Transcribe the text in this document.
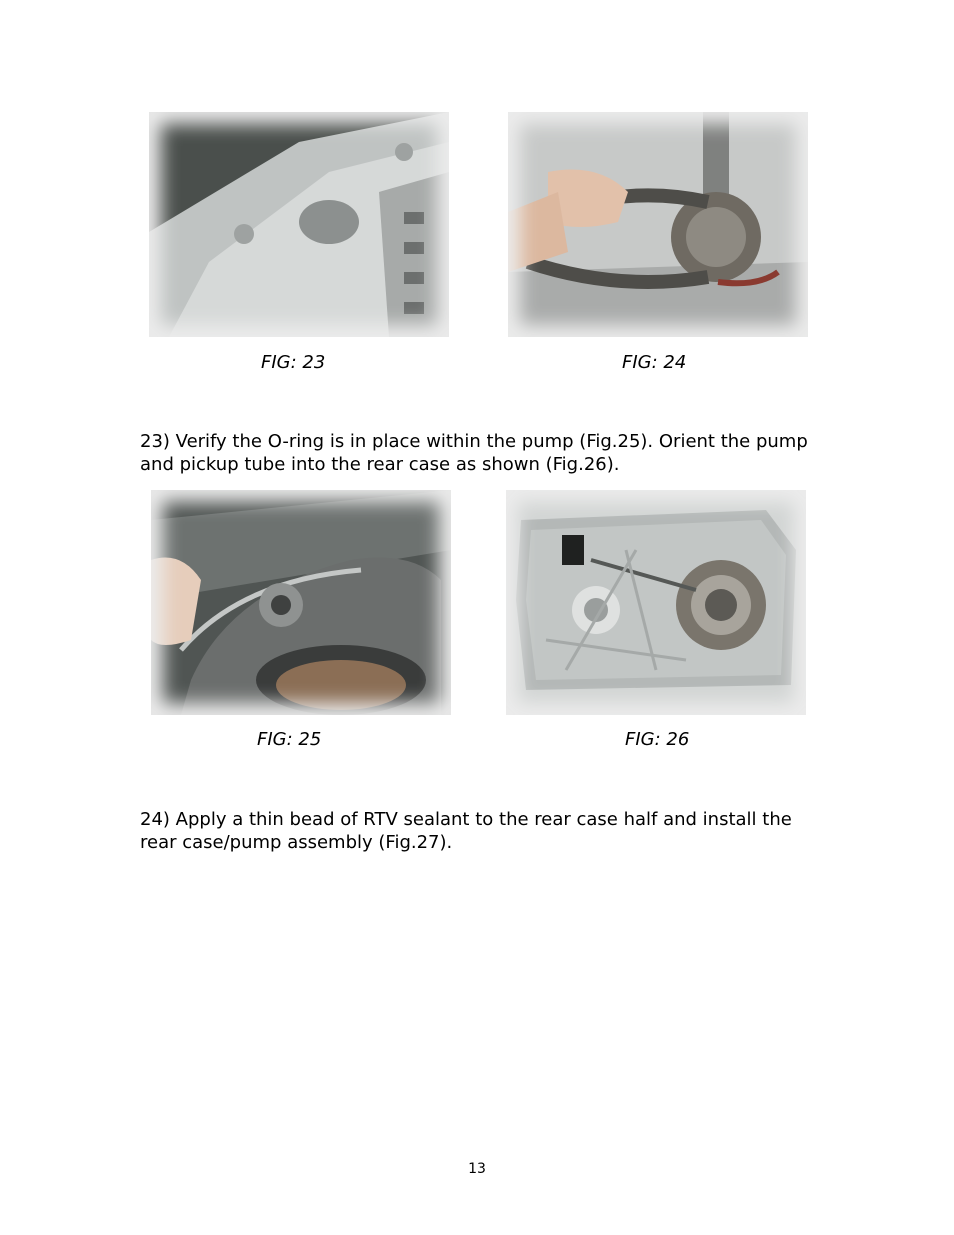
FIG: 23	FIG: 24

23) Verify the O-ring is in place within the pump (Fig.25). Orient the pump and pickup tube into the rear case as shown (Fig.26).

FIG: 25	FIG: 26

24) Apply a thin bead of RTV sealant to the rear case half and install the rear case/pump assembly (Fig.27).

13
